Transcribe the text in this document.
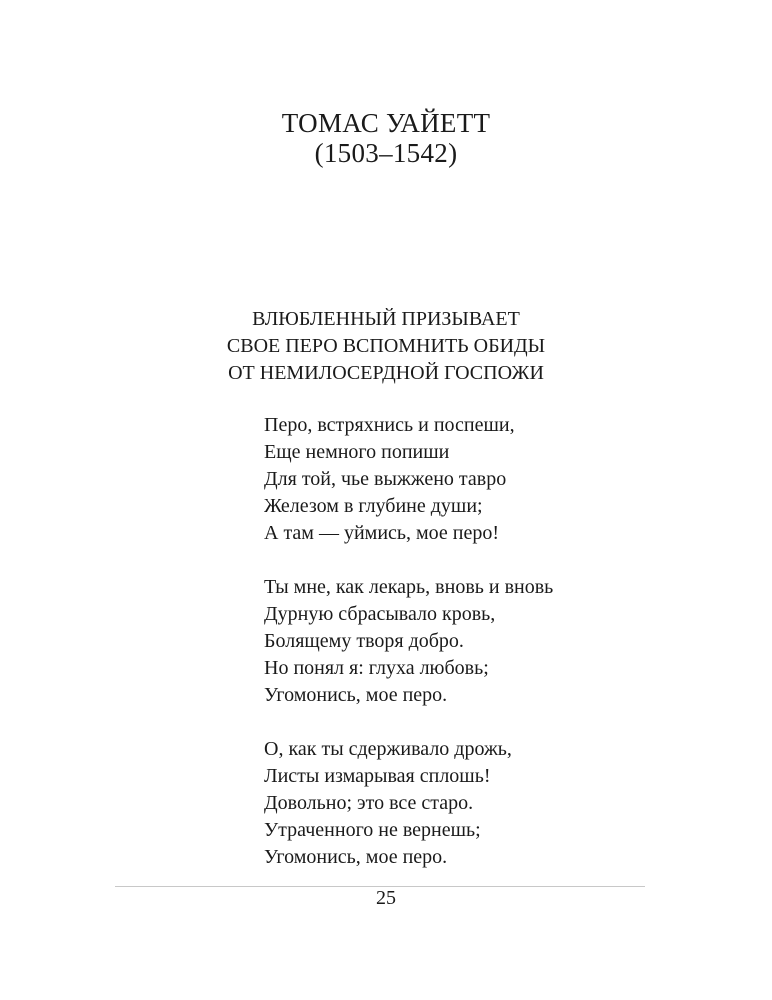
ТОМАС УАЙЕТТ
(1503–1542)
ВЛЮБЛЕННЫЙ ПРИЗЫВАЕТ
СВОЕ ПЕРО ВСПОМНИТЬ ОБИДЫ
ОТ НЕМИЛОСЕРДНОЙ ГОСПОЖИ
Перо, встряхнись и поспеши,
Еще немного попиши
Для той, чье выжжено тавро
Железом в глубине души;
А там — уймись, мое перо!
Ты мне, как лекарь, вновь и вновь
Дурную сбрасывало кровь,
Болящему творя добро.
Но понял я: глуха любовь;
Угомонись, мое перо.
О, как ты сдерживало дрожь,
Листы измарывая сплошь!
Довольно; это все старо.
Утраченного не вернешь;
Угомонись, мое перо.
25
